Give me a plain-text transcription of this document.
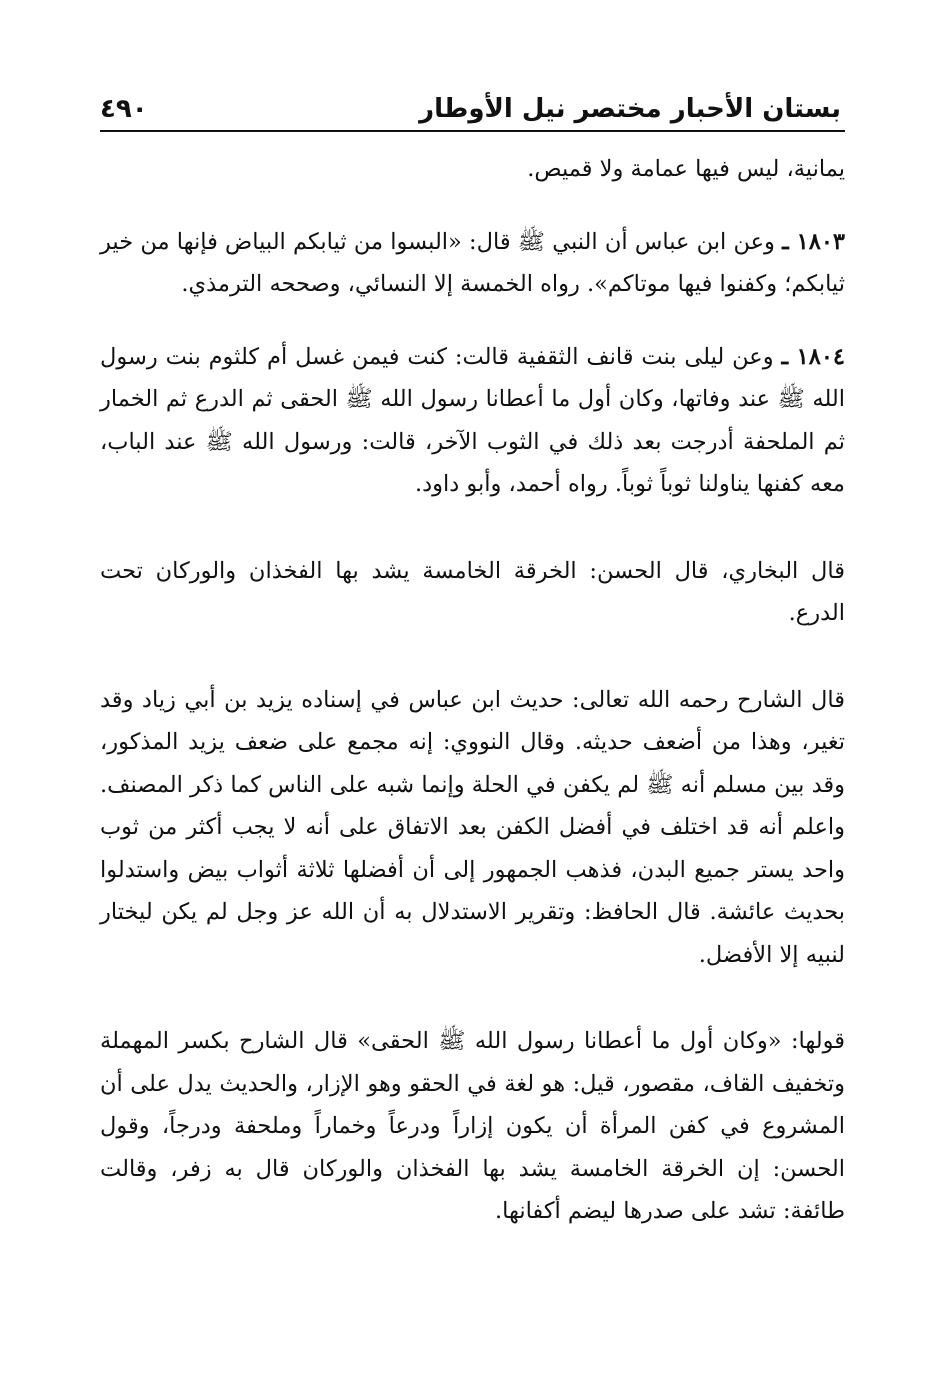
بستان الأحبار مختصر نيل الأوطار
٤٩٠

يمانية، ليس فيها عمامة ولا قميص.

١٨٠٣ ـ وعن ابن عباس أن النبي ﷺ قال: «البسوا من ثيابكم البياض فإنها من خير ثيابكم؛ وكفنوا فيها موتاكم». رواه الخمسة إلا النسائي، وصححه الترمذي.

١٨٠٤ ـ وعن ليلى بنت قانف الثقفية قالت: كنت فيمن غسل أم كلثوم بنت رسول الله ﷺ عند وفاتها، وكان أول ما أعطانا رسول الله ﷺ الحقى ثم الدرع ثم الخمار ثم الملحفة أدرجت بعد ذلك في الثوب الآخر، قالت: ورسول الله ﷺ عند الباب، معه كفنها يناولنا ثوباً ثوباً. رواه أحمد، وأبو داود.

قال البخاري، قال الحسن: الخرقة الخامسة يشد بها الفخذان والوركان تحت الدرع.

قال الشارح رحمه الله تعالى: حديث ابن عباس في إسناده يزيد بن أبي زياد وقد تغير، وهذا من أضعف حديثه. وقال النووي: إنه مجمع على ضعف يزيد المذكور، وقد بين مسلم أنه ﷺ لم يكفن في الحلة وإنما شبه على الناس كما ذكر المصنف. واعلم أنه قد اختلف في أفضل الكفن بعد الاتفاق على أنه لا يجب أكثر من ثوب واحد يستر جميع البدن، فذهب الجمهور إلى أن أفضلها ثلاثة أثواب بيض واستدلوا بحديث عائشة. قال الحافظ: وتقرير الاستدلال به أن الله عز وجل لم يكن ليختار لنبيه إلا الأفضل.

قولها: «وكان أول ما أعطانا رسول الله ﷺ الحقى» قال الشارح بكسر المهملة وتخفيف القاف، مقصور، قيل: هو لغة في الحقو وهو الإزار، والحديث يدل على أن المشروع في كفن المرأة أن يكون إزاراً ودرعاً وخماراً وملحفة ودرجاً، وقول الحسن: إن الخرقة الخامسة يشد بها الفخذان والوركان قال به زفر، وقالت طائفة: تشد على صدرها ليضم أكفانها.
